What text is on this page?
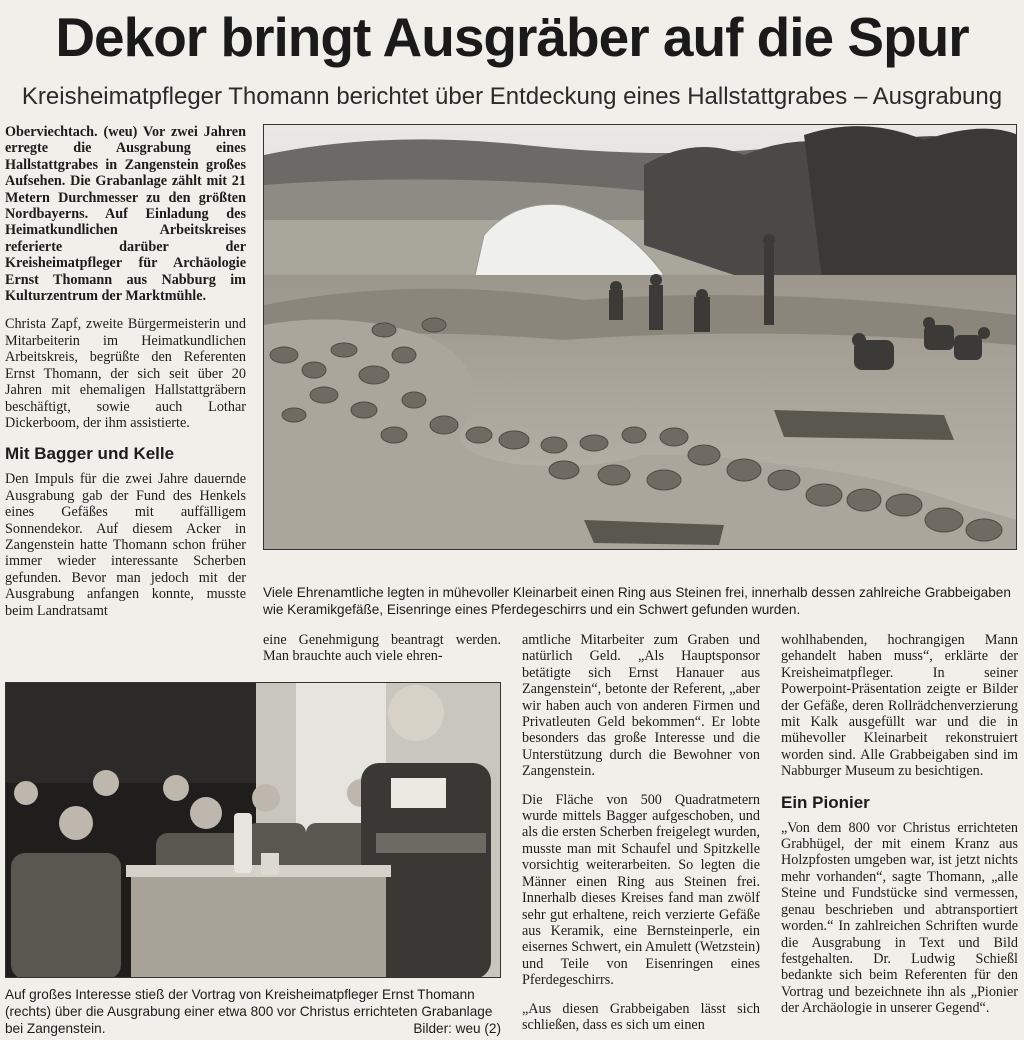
Dekor bringt Ausgräber auf die Spur
Kreisheimatpfleger Thomann berichtet über Entdeckung eines Hallstattgrabes – Ausgrabung

Oberviechtach. (weu) Vor zwei Jahren erregte die Ausgrabung eines Hallstattgrabes in Zangenstein großes Aufsehen. Die Grabanlage zählt mit 21 Metern Durchmesser zu den größten Nordbayerns. Auf Einladung des Heimatkundlichen Arbeitskreises referierte darüber der Kreisheimatpfleger für Archäologie Ernst Thomann aus Nabburg im Kulturzentrum der Marktmühle.

Christa Zapf, zweite Bürgermeisterin und Mitarbeiterin im Heimatkundlichen Arbeitskreis, begrüßte den Referenten Ernst Thomann, der sich seit über 20 Jahren mit ehemaligen Hallstattgräbern beschäftigt, sowie auch Lothar Dickerboom, der ihm assistierte.

Mit Bagger und Kelle

Den Impuls für die zwei Jahre dauernde Ausgrabung gab der Fund des Henkels eines Gefäßes mit auffälligem Sonnendekor. Auf diesem Acker in Zangenstein hatte Thomann schon früher immer wieder interessante Scherben gefunden. Bevor man jedoch mit der Ausgrabung anfangen konnte, musste beim Landratsamt

Viele Ehrenamtliche legten in mühevoller Kleinarbeit einen Ring aus Steinen frei, innerhalb dessen zahlreiche Grabbeigaben wie Keramikgefäße, Eisenringe eines Pferdegeschirrs und ein Schwert gefunden wurden.

eine Genehmigung beantragt werden. Man brauchte auch viele ehren-

Auf großes Interesse stieß der Vortrag von Kreisheimatpfleger Ernst Thomann (rechts) über die Ausgrabung einer etwa 800 vor Christus errichteten Grabanlage bei Zangenstein.	Bilder: weu (2)

amtliche Mitarbeiter zum Graben und natürlich Geld. „Als Hauptsponsor betätigte sich Ernst Hanauer aus Zangenstein“, betonte der Referent, „aber wir haben auch von anderen Firmen und Privatleuten Geld bekommen“. Er lobte besonders das große Interesse und die Unterstützung durch die Bewohner von Zangenstein.

Die Fläche von 500 Quadratmetern wurde mittels Bagger aufgeschoben, und als die ersten Scherben freigelegt wurden, musste man mit Schaufel und Spitzkelle vorsichtig weiterarbeiten. So legten die Männer einen Ring aus Steinen frei. Innerhalb dieses Kreises fand man zwölf sehr gut erhaltene, reich verzierte Gefäße aus Keramik, eine Bernsteinperle, ein eisernes Schwert, ein Amulett (Wetzstein) und Teile von Eisenringen eines Pferdegeschirrs.

„Aus diesen Grabbeigaben lässt sich schließen, dass es sich um einen

wohlhabenden, hochrangigen Mann gehandelt haben muss“, erklärte der Kreisheimatpfleger. In seiner Powerpoint-Präsentation zeigte er Bilder der Gefäße, deren Rollrädchenverzierung mit Kalk ausgefüllt war und die in mühevoller Kleinarbeit rekonstruiert worden sind. Alle Grabbeigaben sind im Nabburger Museum zu besichtigen.

Ein Pionier

„Von dem 800 vor Christus errichteten Grabhügel, der mit einem Kranz aus Holzpfosten umgeben war, ist jetzt nichts mehr vorhanden“, sagte Thomann, „alle Steine und Fundstücke sind vermessen, genau beschrieben und abtransportiert worden.“ In zahlreichen Schriften wurde die Ausgrabung in Text und Bild festgehalten. Dr. Ludwig Schießl bedankte sich beim Referenten für den Vortrag und bezeichnete ihn als „Pionier der Archäologie in unserer Gegend“.
